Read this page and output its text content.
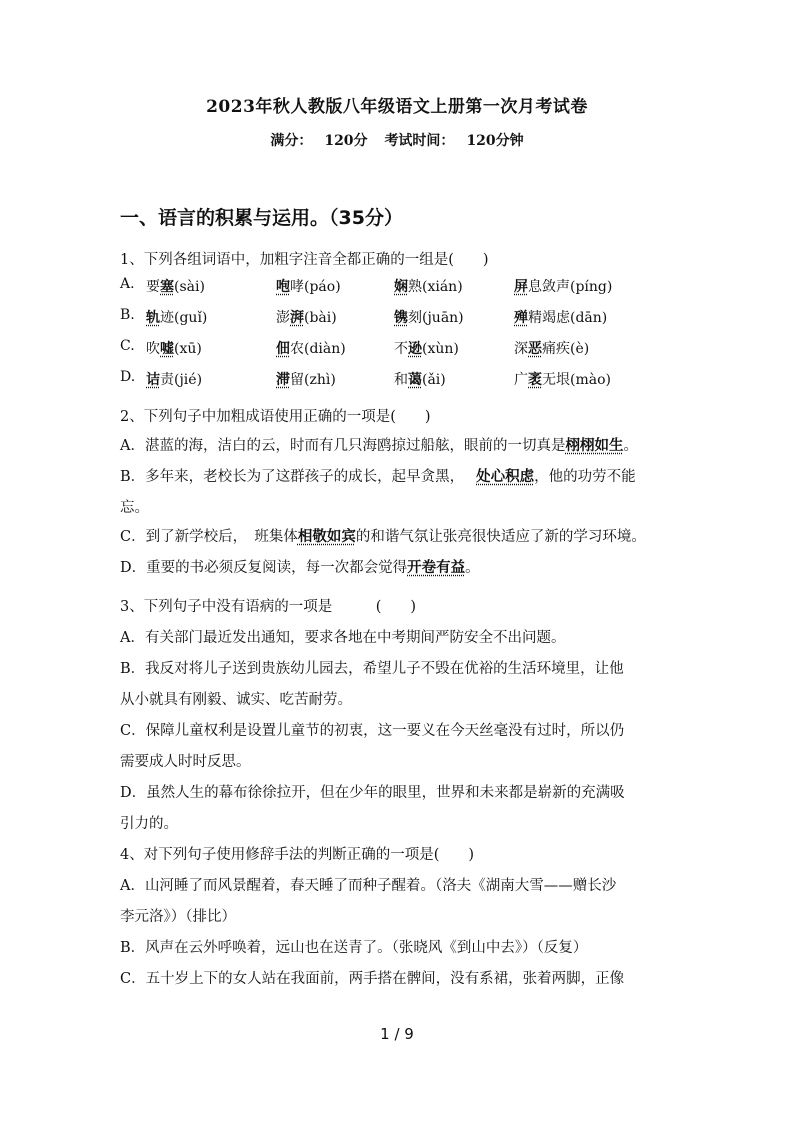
2023年秋人教版八年级语文上册第一次月考试卷
满分： 120分 考试时间： 120分钟
一、语言的积累与运用。（35分）
1、下列各组词语中，加粗字注音全都正确的一组是(　　)
A. 要塞(sài)	咆哮(páo)	娴熟(xián)	屏息敛声(píng)
B. 轨迹(guǐ)	澎湃(bài)	镌刻(juān)	殚精竭虑(dān)
C. 吹嘘(xū)	佃农(diàn)	不逊(xùn)	深恶痛疾(è)
D. 诘责(jié)	滞留(zhì)	和蔼(ǎi)	广袤无垠(mào)
2、下列句子中加粗成语使用正确的一项是(　　)
A．湛蓝的海，洁白的云，时而有几只海鸥掠过船舷，眼前的一切真是栩栩如生。
B．多年来，老校长为了这群孩子的成长，起早贪黑， 处心积虑，他的功劳不能
忘。
C．到了新学校后，　班集体相敬如宾的和谐气氛让张亮很快适应了新的学习环境。
D．重要的书必须反复阅读，每一次都会觉得开卷有益。
3、下列句子中没有语病的一项是　　　(　　)
A．有关部门最近发出通知，要求各地在中考期间严防安全不出问题。
B．我反对将儿子送到贵族幼儿园去，希望儿子不毁在优裕的生活环境里，让他
从小就具有刚毅、诚实、吃苦耐劳。
C．保障儿童权利是设置儿童节的初衷，这一要义在今天丝毫没有过时，所以仍
需要成人时时反思。
D．虽然人生的幕布徐徐拉开，但在少年的眼里，世界和未来都是崭新的充满吸
引力的。
4、对下列句子使用修辞手法的判断正确的一项是(　　)
A．山河睡了而风景醒着，春天睡了而种子醒着。（洛夫《湖南大雪——赠长沙
李元洛》）（排比）
B．风声在云外呼唤着，远山也在送青了。（张晓风《到山中去》）（反复）
C．五十岁上下的女人站在我面前，两手搭在髀间，没有系裙，张着两脚，正像
1 / 9
